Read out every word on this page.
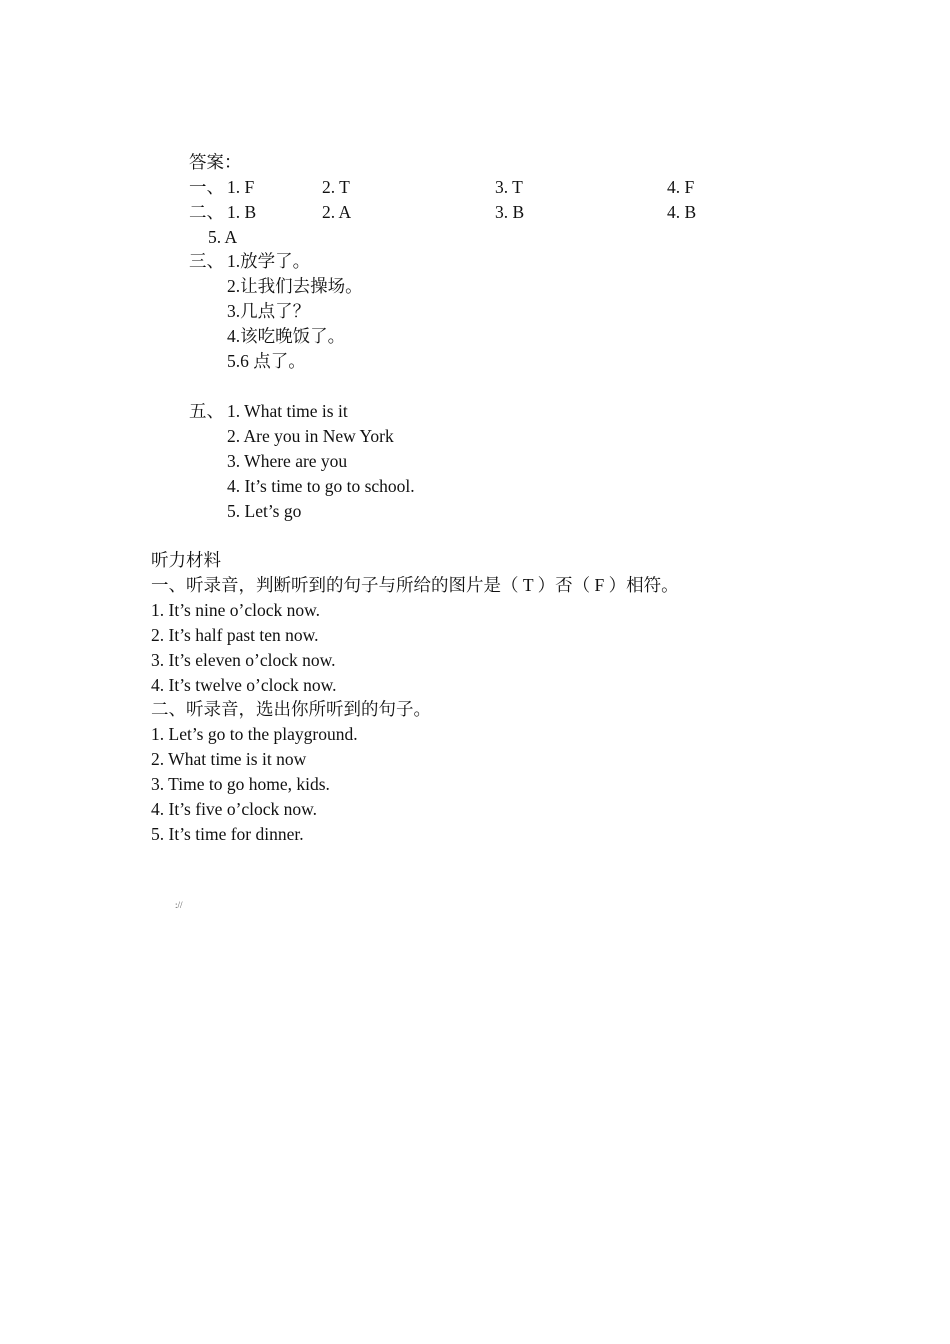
答案：
一、 1. F	2. T	3. T	4. F
二、 1. B	2. A	3. B	4. B
5. A
三、 1.放学了。
2.让我们去操场。
3.几点了？
4.该吃晚饭了。
5.6 点了。
五、 1. What time is it
2. Are you in New York
3. Where are you
4. It’s time to go to school.
5. Let’s go
听力材料
一、听录音，判断听到的句子与所给的图片是（ T ）否（ F ）相符。
1. It’s nine o’clock now.
2. It’s half past ten now.
3. It’s eleven o’clock now.
4. It’s twelve o’clock now.
二、听录音，选出你所听到的句子。
1. Let’s go to the playground.
2. What time is it now
3. Time to go home, kids.
4. It’s five o’clock now.
5. It’s time for dinner.
://
